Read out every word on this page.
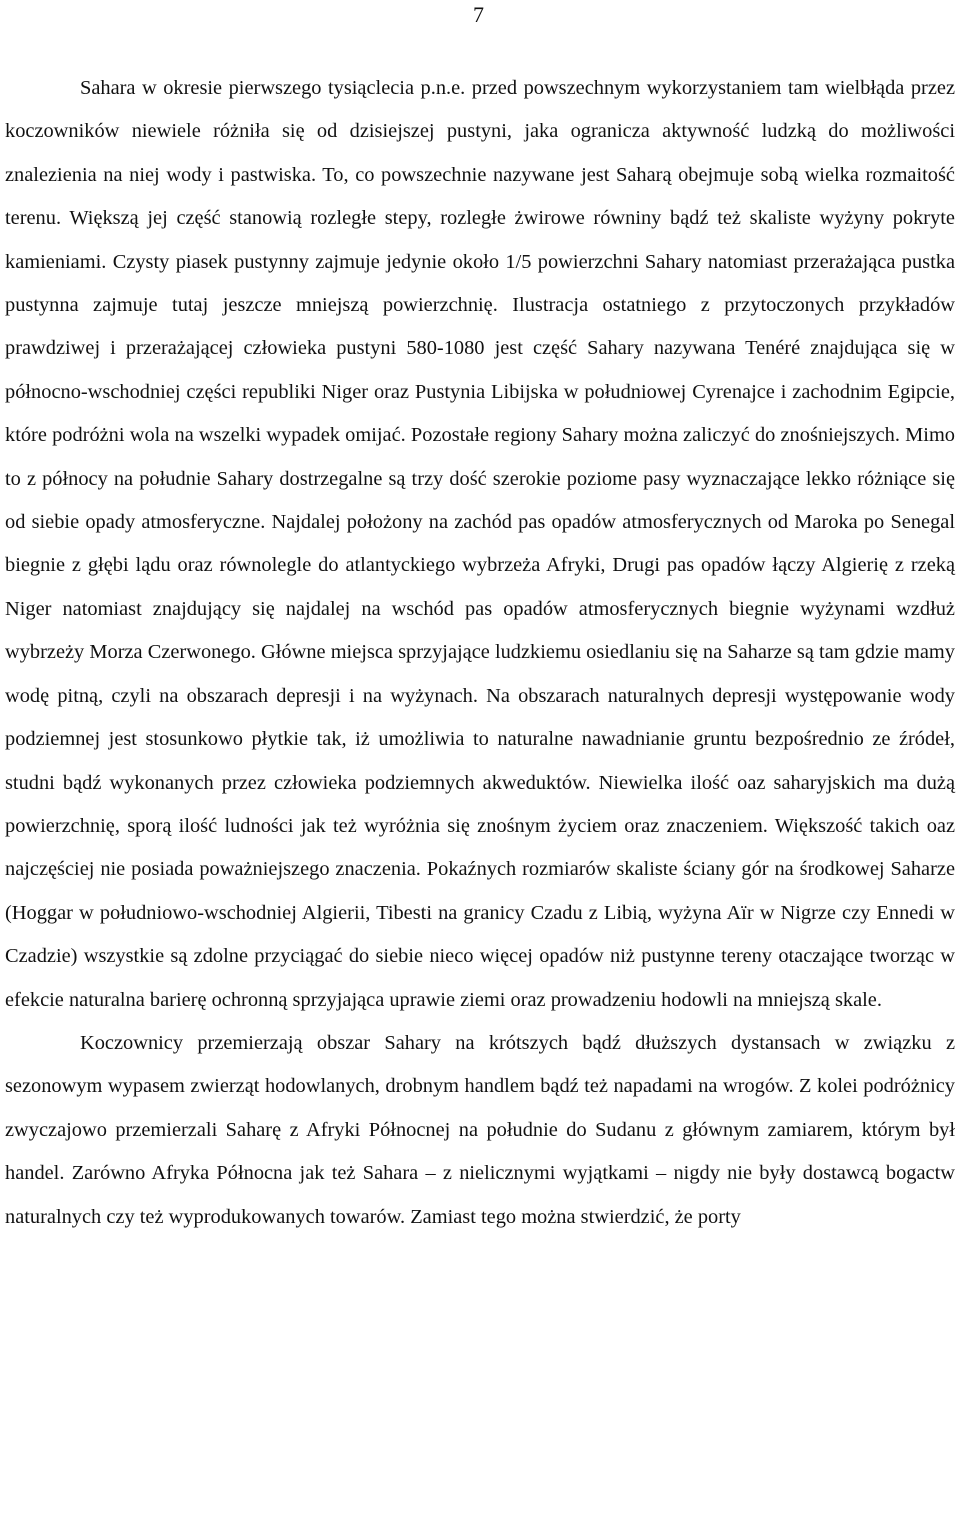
7

Sahara w okresie pierwszego tysiąclecia p.n.e. przed powszechnym wykorzystaniem tam wielbłąda przez koczowników niewiele różniła się od dzisiejszej pustyni, jaka ogranicza aktywność ludzką do możliwości znalezienia na niej wody i pastwiska. To, co powszechnie nazywane jest Saharą obejmuje sobą wielka rozmaitość terenu. Większą jej część stanowią rozległe stepy, rozległe żwirowe równiny bądź też skaliste wyżyny pokryte kamieniami. Czysty piasek pustynny zajmuje jedynie około 1/5 powierzchni Sahary natomiast przerażająca pustka pustynna zajmuje tutaj jeszcze mniejszą powierzchnię. Ilustracja ostatniego z przytoczonych przykładów prawdziwej i przerażającej człowieka pustyni 580-1080 jest część Sahary nazywana Tenéré znajdująca się w północno-wschodniej części republiki Niger oraz Pustynia Libijska w południowej Cyrenajce i zachodnim Egipcie, które podróżni wola na wszelki wypadek omijać. Pozostałe regiony Sahary można zaliczyć do znośniejszych. Mimo to z północy na południe Sahary dostrzegalne są trzy dość szerokie poziome pasy wyznaczające lekko różniące się od siebie opady atmosferyczne. Najdalej położony na zachód pas opadów atmosferycznych od Maroka po Senegal biegnie z głębi lądu oraz równolegle do atlantyckiego wybrzeża Afryki, Drugi pas opadów łączy Algierię z rzeką Niger natomiast znajdujący się najdalej na wschód pas opadów atmosferycznych biegnie wyżynami wzdłuż wybrzeży Morza Czerwonego. Główne miejsca sprzyjające ludzkiemu osiedlaniu się na Saharze są tam gdzie mamy wodę pitną, czyli na obszarach depresji i na wyżynach. Na obszarach naturalnych depresji występowanie wody podziemnej jest stosunkowo płytkie tak, iż umożliwia to naturalne nawadnianie gruntu bezpośrednio ze źródeł, studni bądź wykonanych przez człowieka podziemnych akweduktów. Niewielka ilość oaz saharyjskich ma dużą powierzchnię, sporą ilość ludności jak też wyróżnia się znośnym życiem oraz znaczeniem. Większość takich oaz najczęściej nie posiada poważniejszego znaczenia. Pokaźnych rozmiarów skaliste ściany gór na środkowej Saharze (Hoggar w południowo-wschodniej Algierii, Tibesti na granicy Czadu z Libią, wyżyna Aïr w Nigrze czy Ennedi w Czadzie) wszystkie są zdolne przyciągać do siebie nieco więcej opadów niż pustynne tereny otaczające tworząc w efekcie naturalna barierę ochronną sprzyjająca uprawie ziemi oraz prowadzeniu hodowli na mniejszą skale.

Koczownicy przemierzają obszar Sahary na krótszych bądź dłuższych dystansach w związku z sezonowym wypasem zwierząt hodowlanych, drobnym handlem bądź też napadami na wrogów. Z kolei podróżnicy zwyczajowo przemierzali Saharę z Afryki Północnej na południe do Sudanu z głównym zamiarem, którym był handel. Zarówno Afryka Północna jak też Sahara – z nielicznymi wyjątkami – nigdy nie były dostawcą bogactw naturalnych czy też wyprodukowanych towarów. Zamiast tego można stwierdzić, że porty
